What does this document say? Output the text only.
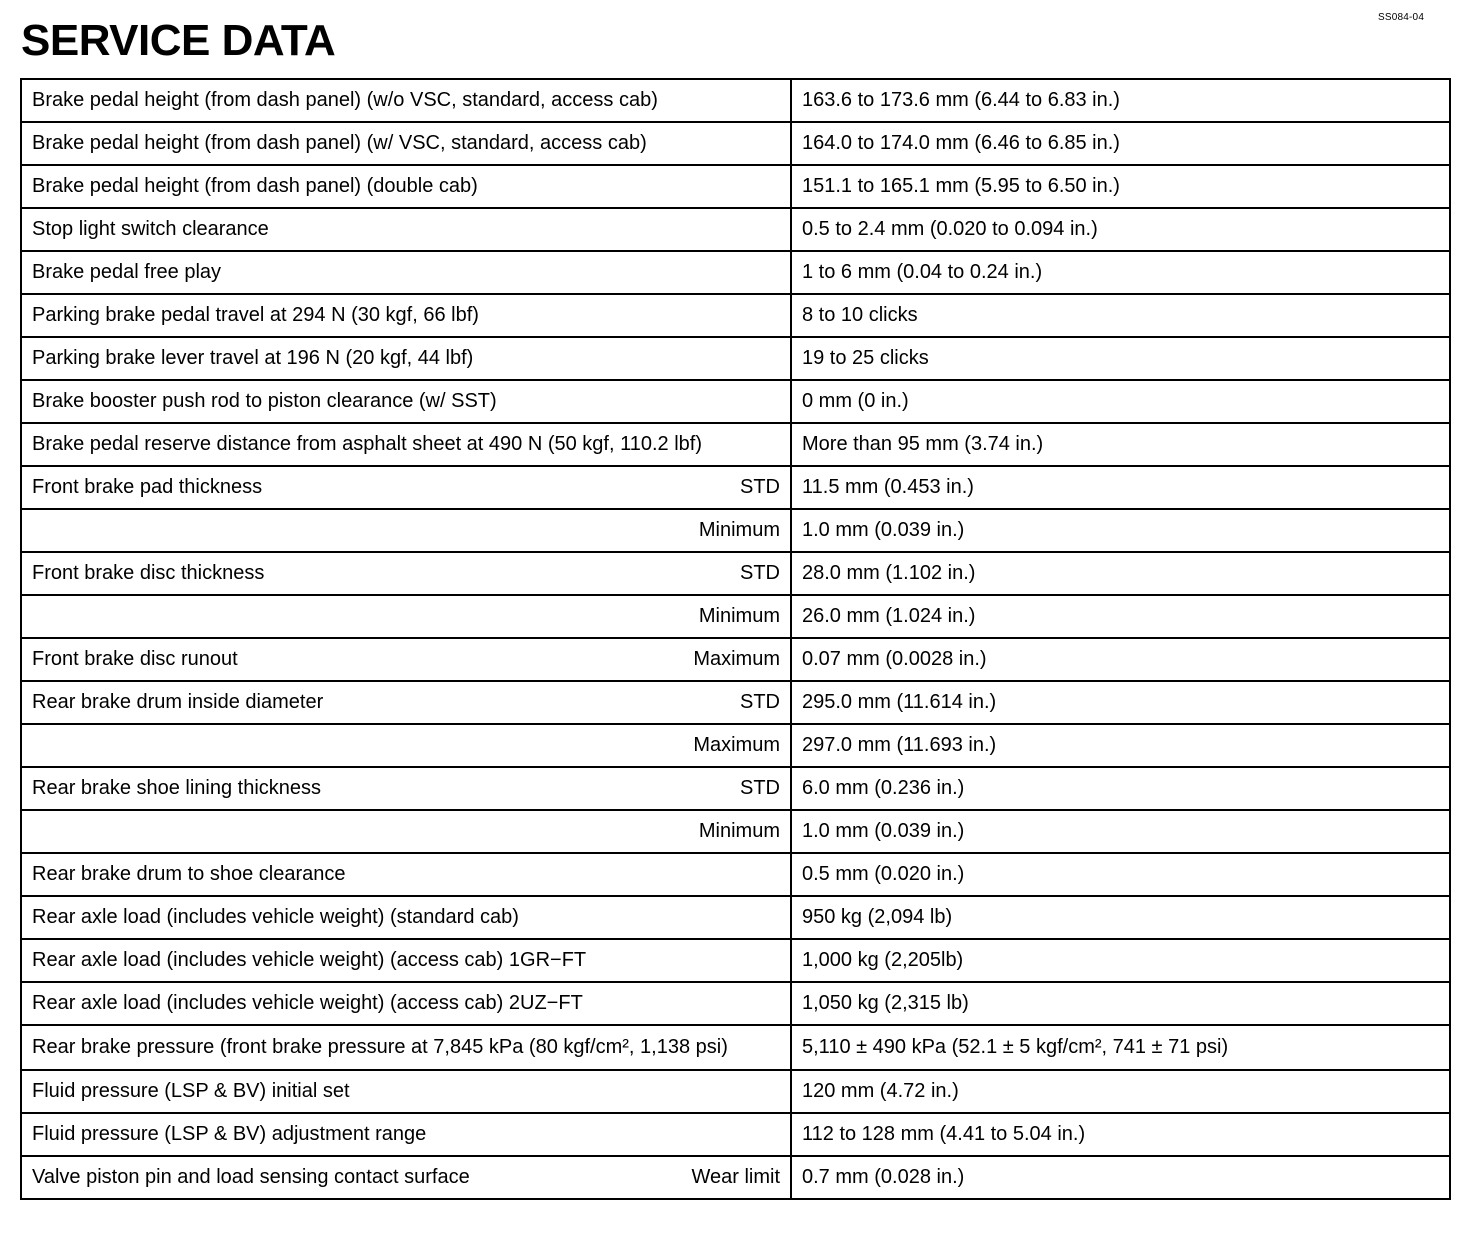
SS084-04
SERVICE DATA
Brake pedal height (from dash panel) (w/o VSC, standard, access cab)	163.6 to 173.6 mm (6.44 to 6.83 in.)

Brake pedal height (from dash panel) (w/ VSC, standard, access cab)	164.0 to 174.0 mm (6.46 to 6.85 in.)

Brake pedal height (from dash panel) (double cab)	151.1 to 165.1 mm (5.95 to 6.50 in.)

Stop light switch clearance	0.5 to 2.4 mm (0.020 to 0.094 in.)

Brake pedal free play	1 to 6 mm (0.04 to 0.24 in.)

Parking brake pedal travel at 294 N (30 kgf, 66 lbf)	8 to 10 clicks

Parking brake lever travel at 196 N (20 kgf, 44 lbf)	19 to 25 clicks

Brake booster push rod to piston clearance (w/ SST)	0 mm (0 in.)

Brake pedal reserve distance from asphalt sheet at 490 N (50 kgf, 110.2 lbf)	More than 95 mm (3.74 in.)

Front brake pad thickness STD	11.5 mm (0.453 in.)

Minimum	1.0 mm (0.039 in.)

Front brake disc thickness STD	28.0 mm (1.102 in.)

Minimum	26.0 mm (1.024 in.)

Front brake disc runout Maximum	0.07 mm (0.0028 in.)

Rear brake drum inside diameter STD	295.0 mm (11.614 in.)

Maximum	297.0 mm (11.693 in.)

Rear brake shoe lining thickness STD	6.0 mm (0.236 in.)

Minimum	1.0 mm (0.039 in.)

Rear brake drum to shoe clearance	0.5 mm (0.020 in.)

Rear axle load (includes vehicle weight) (standard cab)	950 kg (2,094 lb)

Rear axle load (includes vehicle weight) (access cab) 1GR−FT	1,000 kg (2,205lb)

Rear axle load (includes vehicle weight) (access cab) 2UZ−FT	1,050 kg (2,315 lb)

Rear brake pressure (front brake pressure at 7,845 kPa (80 kgf/cm², 1,138 psi)	5,110 ± 490 kPa (52.1 ± 5 kgf/cm², 741 ± 71 psi)

Fluid pressure (LSP & BV) initial set	120 mm (4.72 in.)

Fluid pressure (LSP & BV) adjustment range	112 to 128 mm (4.41 to 5.04 in.)

Valve piston pin and load sensing contact surface Wear limit	0.7 mm (0.028 in.)
